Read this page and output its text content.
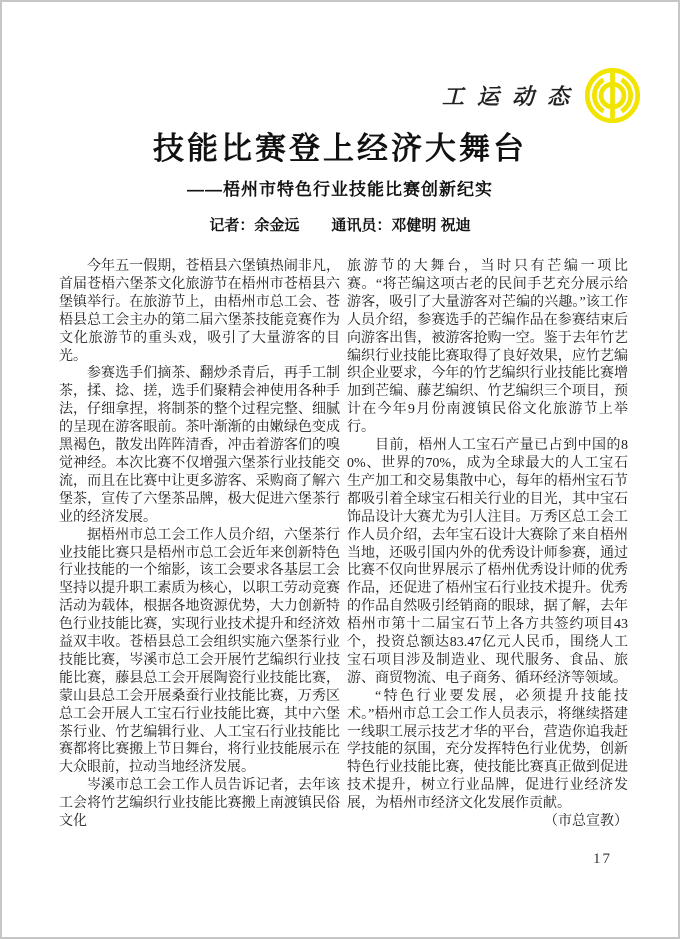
工运动态
技能比赛登上经济大舞台
——梧州市特色行业技能比赛创新纪实
记者：余金远 通讯员：邓健明 祝迪

今年五一假期，苍梧县六堡镇热闹非凡，首届苍梧六堡茶文化旅游节在梧州市苍梧县六堡镇举行。在旅游节上，由梧州市总工会、苍梧县总工会主办的第二届六堡茶技能竞赛作为文化旅游节的重头戏，吸引了大量游客的目光。

参赛选手们摘茶、翻炒杀青后，再手工制茶，揉、捻、搓，选手们聚精会神使用各种手法，仔细拿捏，将制茶的整个过程完整、细腻的呈现在游客眼前。茶叶渐渐的由嫩绿色变成黑褐色，散发出阵阵清香，冲击着游客们的嗅觉神经。本次比赛不仅增强六堡茶行业技能交流，而且在比赛中让更多游客、采购商了解六堡茶，宣传了六堡茶品牌，极大促进六堡茶行业的经济发展。

据梧州市总工会工作人员介绍，六堡茶行业技能比赛只是梧州市总工会近年来创新特色行业技能的一个缩影，该工会要求各基层工会坚持以提升职工素质为核心，以职工劳动竞赛活动为载体，根据各地资源优势，大力创新特色行业技能比赛，实现行业技术提升和经济效益双丰收。苍梧县总工会组织实施六堡茶行业技能比赛，岑溪市总工会开展竹艺编织行业技能比赛，藤县总工会开展陶瓷行业技能比赛，蒙山县总工会开展桑蚕行业技能比赛，万秀区总工会开展人工宝石行业技能比赛，其中六堡茶行业、竹艺编辑行业、人工宝石行业技能比赛都将比赛搬上节日舞台，将行业技能展示在大众眼前，拉动当地经济发展。

岑溪市总工会工作人员告诉记者，去年该工会将竹艺编织行业技能比赛搬上南渡镇民俗文化

旅游节的大舞台，当时只有芒编一项比赛。“将芒编这项古老的民间手艺充分展示给游客，吸引了大量游客对芒编的兴趣。”该工作人员介绍，参赛选手的芒编作品在参赛结束后向游客出售，被游客抢购一空。鉴于去年竹艺编织行业技能比赛取得了良好效果，应竹艺编织企业要求，今年的竹艺编织行业技能比赛增加到芒编、藤艺编织、竹艺编织三个项目，预计在今年9月份南渡镇民俗文化旅游节上举行。

目前，梧州人工宝石产量已占到中国的80%、世界的70%，成为全球最大的人工宝石生产加工和交易集散中心，每年的梧州宝石节都吸引着全球宝石相关行业的目光，其中宝石饰品设计大赛尤为引人注目。万秀区总工会工作人员介绍，去年宝石设计大赛除了来自梧州当地，还吸引国内外的优秀设计师参赛，通过比赛不仅向世界展示了梧州优秀设计师的优秀作品，还促进了梧州宝石行业技术提升。优秀的作品自然吸引经销商的眼球，据了解，去年梧州市第十二届宝石节上各方共签约项目43个，投资总额达83.47亿元人民币，围绕人工宝石项目涉及制造业、现代服务、食品、旅游、商贸物流、电子商务、循环经济等领域。

“特色行业要发展，必须提升技能技术。”梧州市总工会工作人员表示，将继续搭建一线职工展示技艺才华的平台，营造你追我赶学技能的氛围，充分发挥特色行业优势，创新特色行业技能比赛，使技能比赛真正做到促进技术提升，树立行业品牌，促进行业经济发展，为梧州市经济文化发展作贡献。
（市总宣教）

17
